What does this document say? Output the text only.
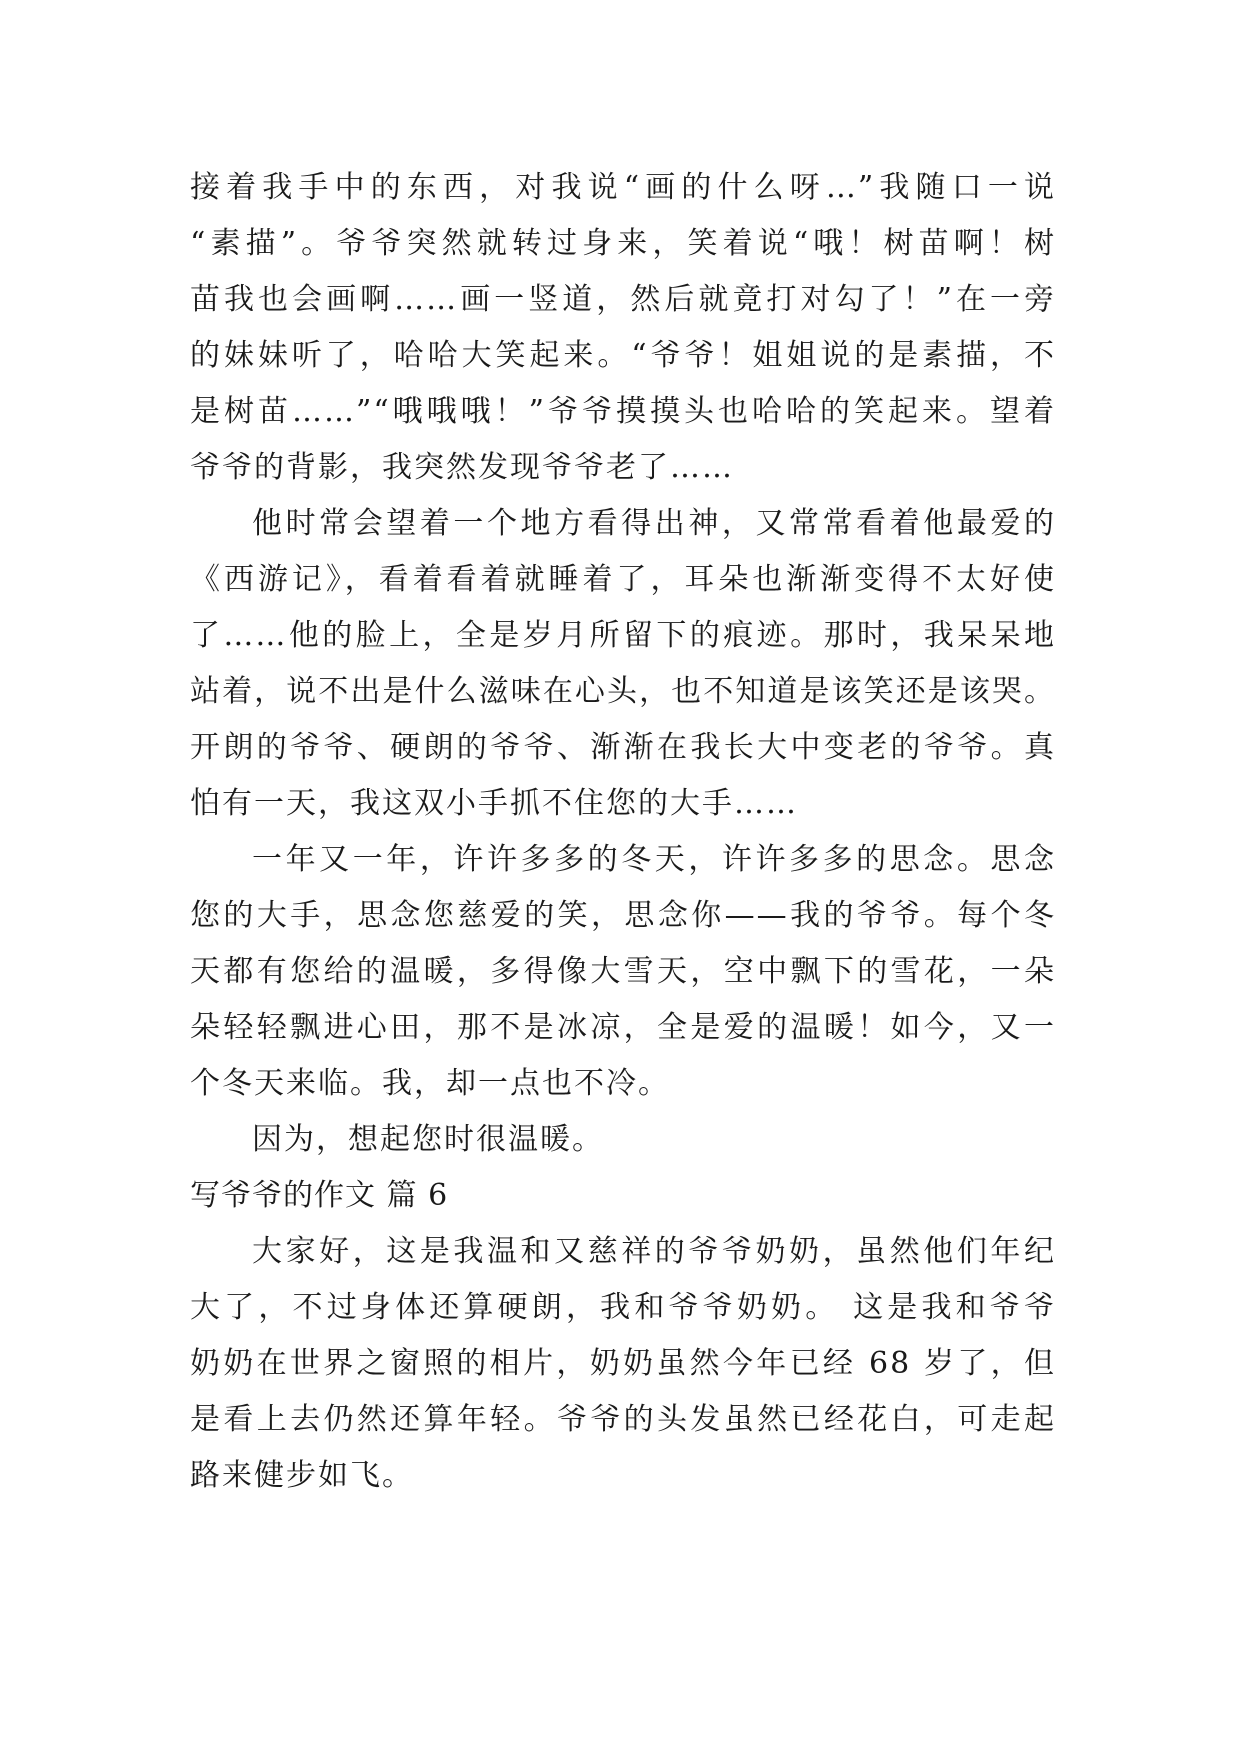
接着我手中的东西，对我说“画的什么呀…”我随口一说
“素描”。爷爷突然就转过身来，笑着说“哦！树苗啊！树
苗我也会画啊……画一竖道，然后就竟打对勾了！”在一旁
的妹妹听了，哈哈大笑起来。“爷爷！姐姐说的是素描，不
是树苗……”“哦哦哦！”爷爷摸摸头也哈哈的笑起来。望着
爷爷的背影，我突然发现爷爷老了……
他时常会望着一个地方看得出神，又常常看着他最爱的
《西游记》，看着看着就睡着了，耳朵也渐渐变得不太好使
了……他的脸上，全是岁月所留下的痕迹。那时，我呆呆地
站着，说不出是什么滋味在心头，也不知道是该笑还是该哭。
开朗的爷爷、硬朗的爷爷、渐渐在我长大中变老的爷爷。真
怕有一天，我这双小手抓不住您的大手……
一年又一年，许许多多的冬天，许许多多的思念。思念
您的大手，思念您慈爱的笑，思念你——我的爷爷。每个冬
天都有您给的温暖，多得像大雪天，空中飘下的雪花，一朵
朵轻轻飘进心田，那不是冰凉，全是爱的温暖！如今，又一
个冬天来临。我，却一点也不冷。
因为，想起您时很温暖。
写爷爷的作文 篇 6
大家好，这是我温和又慈祥的爷爷奶奶，虽然他们年纪
大了，不过身体还算硬朗，我和爷爷奶奶。 这是我和爷爷
奶奶在世界之窗照的相片，奶奶虽然今年已经 68 岁了，但
是看上去仍然还算年轻。爷爷的头发虽然已经花白，可走起
路来健步如飞。
